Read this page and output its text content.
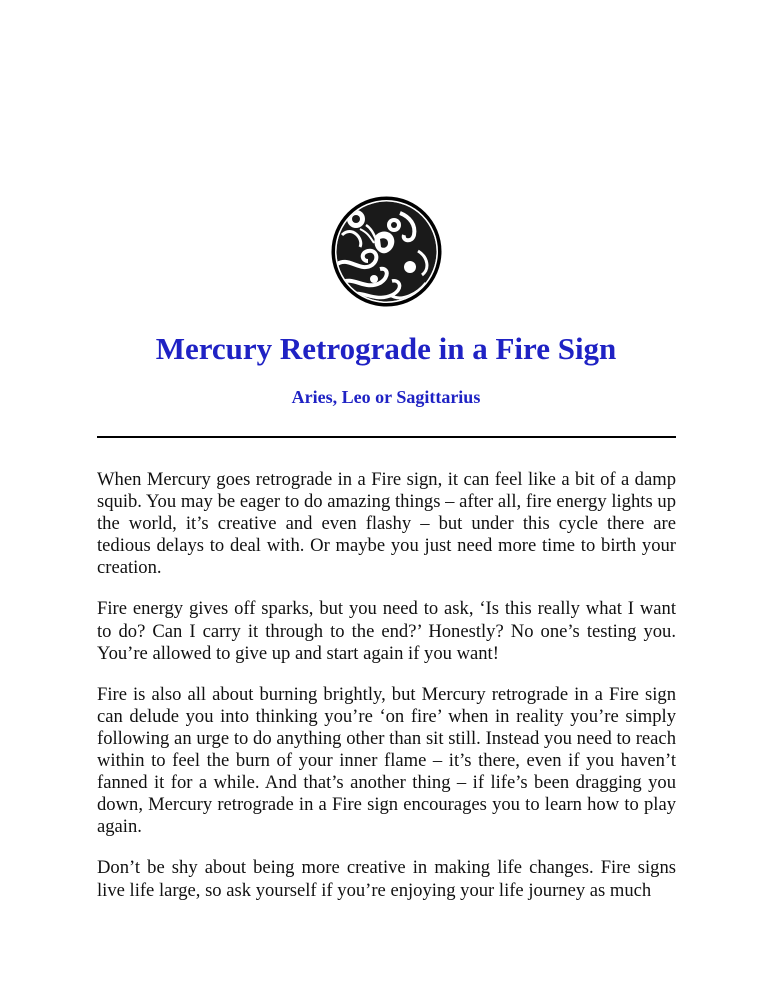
Mercury Retrograde in a Fire Sign
Aries, Leo or Sagittarius

When Mercury goes retrograde in a Fire sign, it can feel like a bit of a damp squib. You may be eager to do amazing things – after all, fire energy lights up the world, it’s creative and even flashy – but under this cycle there are tedious delays to deal with. Or maybe you just need more time to birth your creation.

Fire energy gives off sparks, but you need to ask, ‘Is this really what I want to do? Can I carry it through to the end?’ Honestly? No one’s testing you. You’re allowed to give up and start again if you want!

Fire is also all about burning brightly, but Mercury retrograde in a Fire sign can delude you into thinking you’re ‘on fire’ when in reality you’re simply following an urge to do anything other than sit still. Instead you need to reach within to feel the burn of your inner flame – it’s there, even if you haven’t fanned it for a while. And that’s another thing – if life’s been dragging you down, Mercury retrograde in a Fire sign encourages you to learn how to play again.

Don’t be shy about being more creative in making life changes. Fire signs live life large, so ask yourself if you’re enjoying your life journey as much
